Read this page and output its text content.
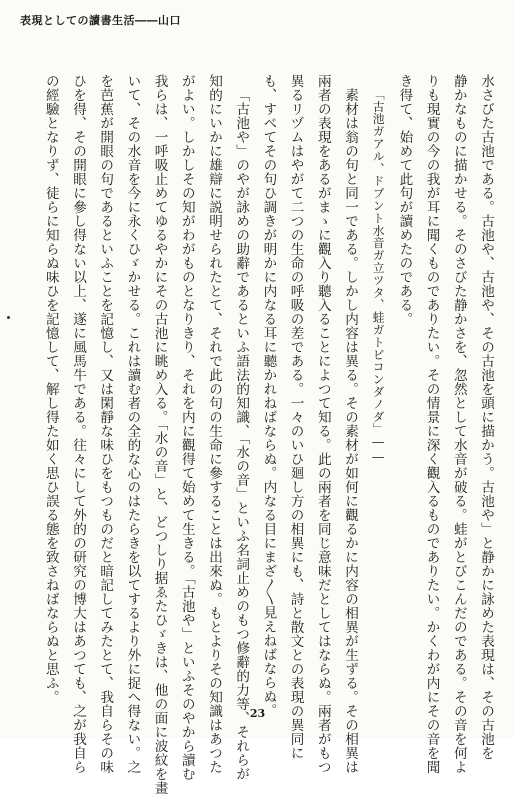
表現としての讀書生活――山口
水さびた古池である。古池や、古池や、その古池を頭に描かう。古池や」と静かに詠めた表現は、その古池を
静かなものに描かせる。そのさびた静かさを、忽然として水音が破る。蛙がとびこんだのである。その音を何よ
りも現實の今の我が耳に聞くものでありたい。その情景に深く觀入るものでありたい。かくわが内にその音を聞
き得て、始めて此句が讀めたのである。
「古池ガアル、ドブント水音ガ立ツタ、蛙ガトビコンダノダ」――
素材は翁の句と同一である。しかし内容は異る。その素材が如何に觀るかに内容の相異が生ずる。その相異は
兩者の表現をあるがまゝに觀入り聽入ることによつて知る。此の兩者を同じ意味だとしてはならぬ。兩者がもつ
異るリヅムはやがて二つの生命の呼吸の差である。一々のいひ廻し方の相異にも、詩と散文との表現の異同に
も、すべてその句ひ調きが明かに内なる耳に聽かれねばならぬ。内なる目にまざ〳〵見えねばならぬ。
「古池や」のやが詠めの助辭であるといふ語法的知識、「水の音」といふ名詞止めのもつ修辭的力等、それらが
知的にいかに雄辯に説明せられたとて、それで此の句の生命に參することは出來ぬ。もとよりその知識はあつた
がよい。しかしその知がわがものとなりきり、それを内に觀得て始めて生きる。「古池や」といふそのやから讀む
我らは、一呼吸止めてゆるやかにその古池に眺め入る。「水の音」と、どつしり据ゑたひゞきは、他の面に波紋を畫
いて、その水音を今に永くひゞかせる。これは讀む者の全的な心のはたらきを以てするより外に捉へ得ない。之
を芭蕉が開眼の句であるといふことを記憶し、又は閑靜な味ひをもつものだと暗記してみたとて、我自らその味
ひを得、その開眼に參し得ない以上、遂に風馬牛である。往々にして外的の研究の博大はあつても、之が我自ら
の經驗となりず、徒らに知らぬ味ひを記憶して、解し得た如く思ひ誤る態を致さねばならぬと思ふ。
23
